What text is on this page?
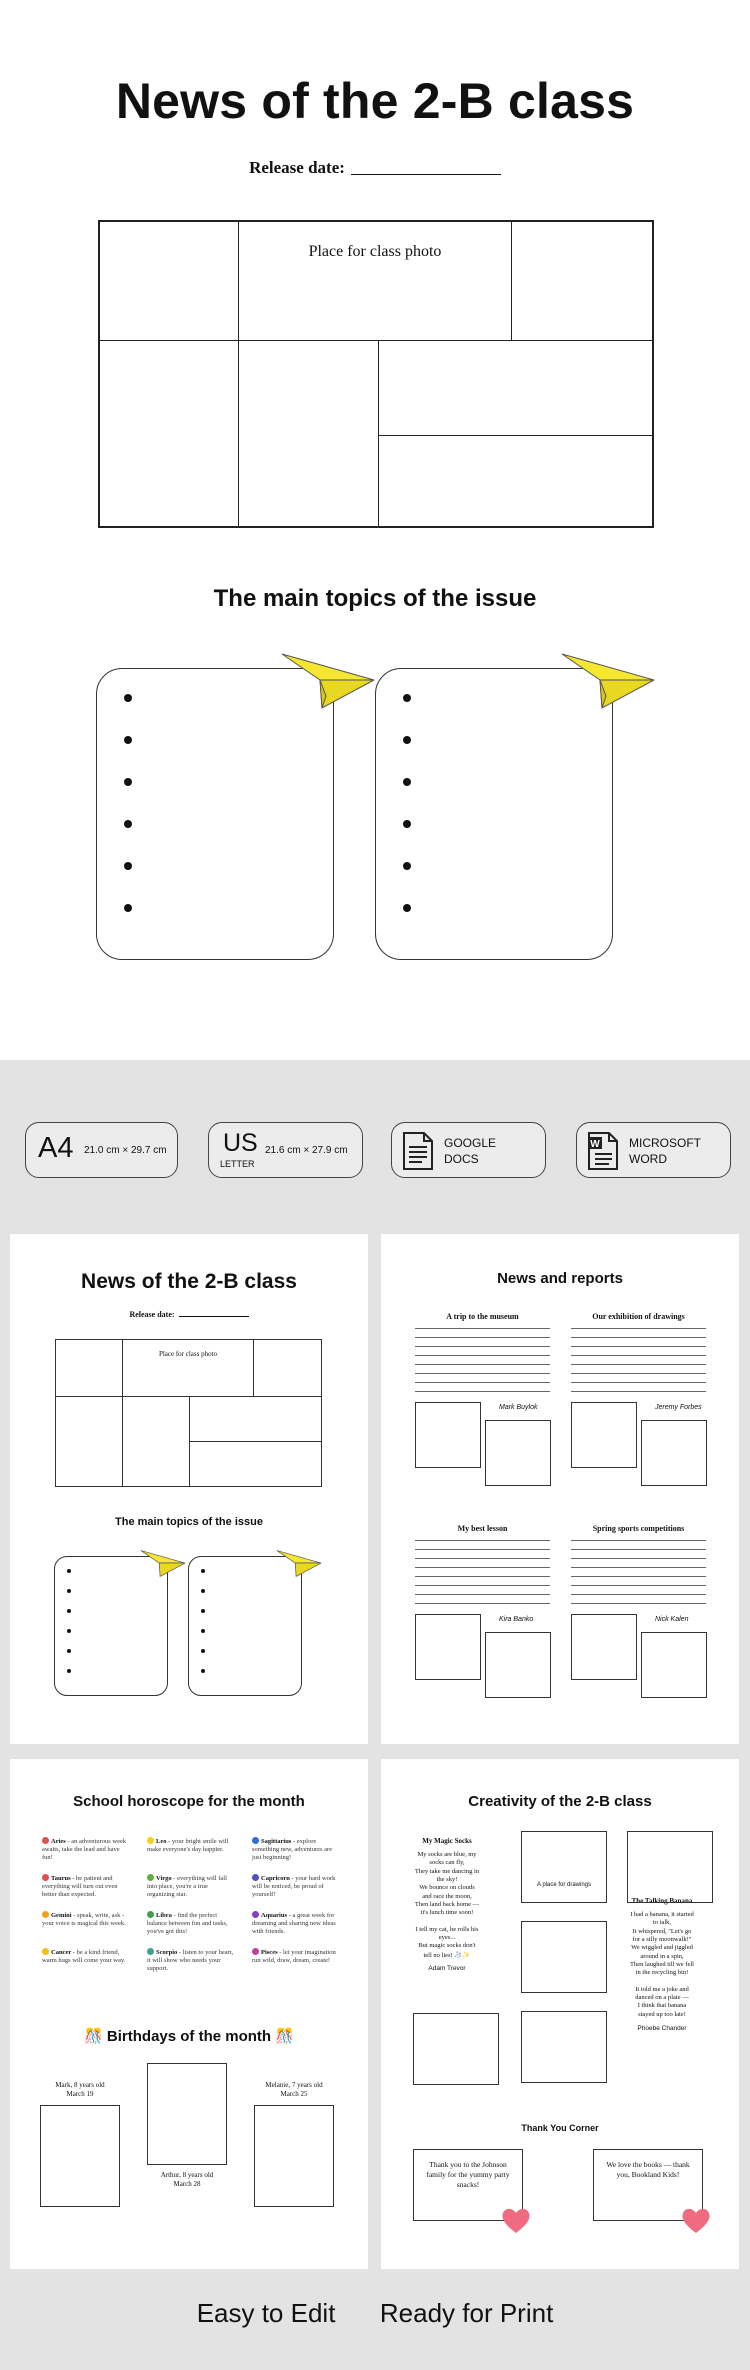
News of the 2-B class
Release date:
Place for class photo
The main topics of the issue
A4 21.0 cm × 29.7 cm US
LETTER
21.6 cm × 27.9 cm
GOOGLE
DOCS
W MICROSOFT
WORD
News of the 2-B class
Release date:
Place for class photo
The main topics of the issue
News and reports
A trip to the museum
Mark Buylok
Our exhibition of drawings
Jeremy Forbes
My best lesson
Kira Banko
Spring sports competitions
Nick Kalen
School horoscope for the month
🎊 Birthdays of the month 🎊
Aries - an adventurous week awaits, take the lead and have fun!
Taurus - be patient and everything will turn out even better than expected.
Gemini - speak, write, ask - your voice is magical this week.
Cancer - be a kind friend, warm hugs will come your way.
Leo - your bright smile will make everyone's day happier.
Virgo - everything will fall into place, you're a true organizing star.
Libra - find the perfect balance between fun and tasks, you've got this!
Scorpio - listen to your heart, it will show who needs your support.
Sagittarius - explore something new, adventures are just beginning!
Capricorn - your hard work will be noticed, be proud of yourself!
Aquarius - a great week for dreaming and sharing new ideas with friends.
Pisces - let your imagination run wild, draw, dream, create!
Mark, 8 years old
March 19
Arthur, 8 years old
March 28
Melanie, 7 years old
March 25
Creativity of the 2-B class
My Magic Socks
My socks are blue, my
socks can fly,
They take me dancing in
the sky!
We bounce on clouds
and race the moon,
Then land back home —
it's lunch time soon!
I tell my cat, he rolls his
eyes...
But magic socks don't
tell no lies! 🧦✨
Adam Trevor
The Talking Banana
I had a banana, it started
to talk,
It whispered, "Let's go
for a silly moonwalk!"
We wiggled and jiggled
around in a spin,
Then laughed till we fell
in the recycling bin!
It told me a joke and
danced on a plate —
I think that banana
stayed up too late!
Phoebe Chander
A place for drawings
Thank You Corner
Thank you to the Johnson family for the yummy party snacks!
We love the books — thank you, Bookland Kids!
Easy to Edit Ready for Print
